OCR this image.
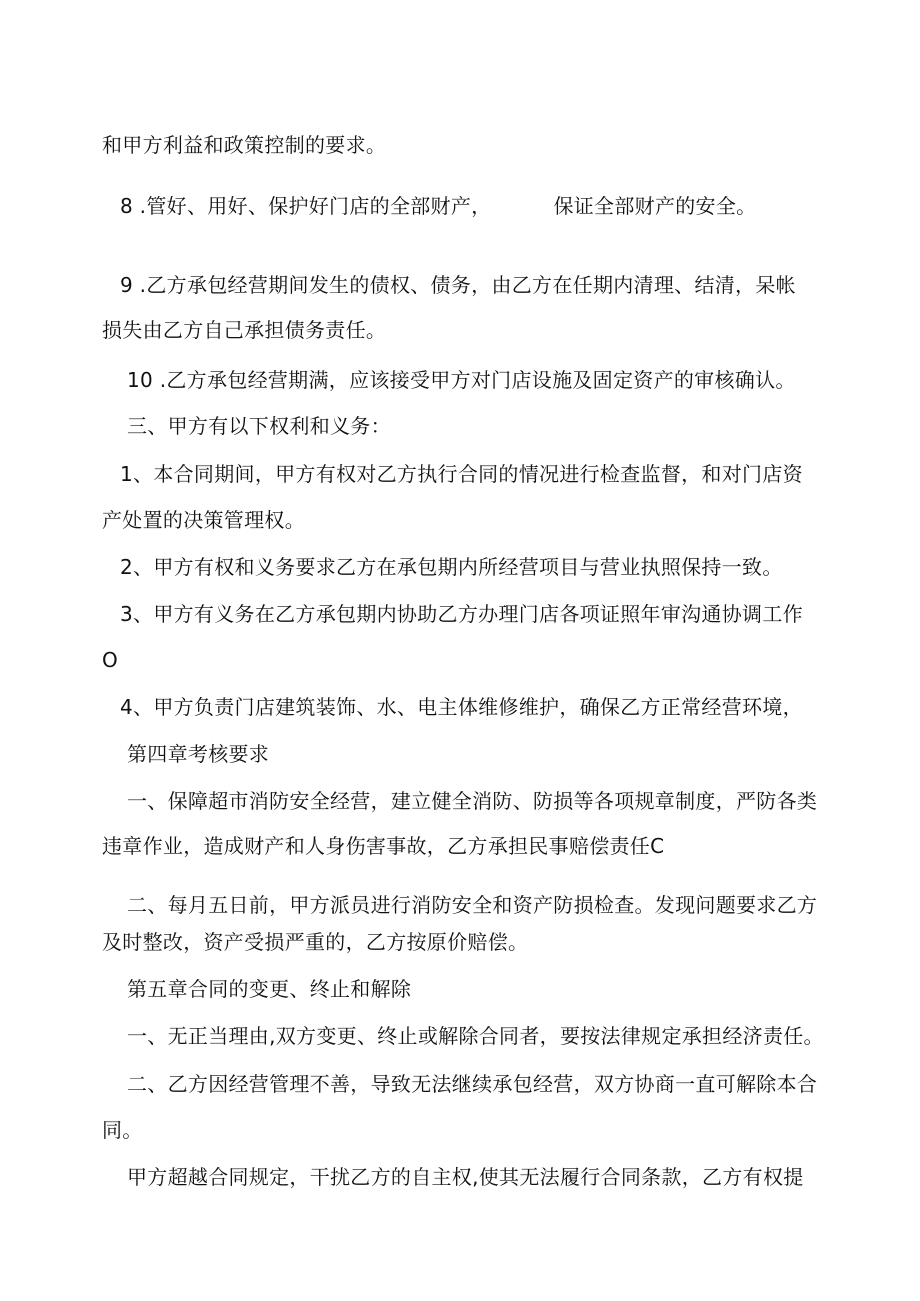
和甲方利益和政策控制的要求。
8 .管好、用好、保护好门店的全部财产，	保证全部财产的安全。
9 .乙方承包经营期间发生的债权、债务，由乙方在任期内清理、结清，呆帐
损失由乙方自己承担债务责任。
10 .乙方承包经营期满，应该接受甲方对门店设施及固定资产的审核确认。
三、甲方有以下权利和义务：
1、本合同期间，甲方有权对乙方执行合同的情况进行检查监督，和对门店资
产处置的决策管理权。
2、甲方有权和义务要求乙方在承包期内所经营项目与营业执照保持一致。
3、甲方有义务在乙方承包期内协助乙方办理门店各项证照年审沟通协调工作
O
4、甲方负责门店建筑装饰、水、电主体维修维护，确保乙方正常经营环境，
第四章考核要求
一、保障超市消防安全经营，建立健全消防、防损等各项规章制度，严防各类
违章作业，造成财产和人身伤害事故，乙方承担民事赔偿责任C
二、每月五日前，甲方派员进行消防安全和资产防损检查。发现问题要求乙方
及时整改，资产受损严重的，乙方按原价赔偿。
第五章合同的变更、终止和解除
一、无正当理由,双方变更、终止或解除合同者，要按法律规定承担经济责任。
二、乙方因经营管理不善，导致无法继续承包经营，双方协商一直可解除本合
同。
甲方超越合同规定，干扰乙方的自主权,使其无法履行合同条款，乙方有权提
